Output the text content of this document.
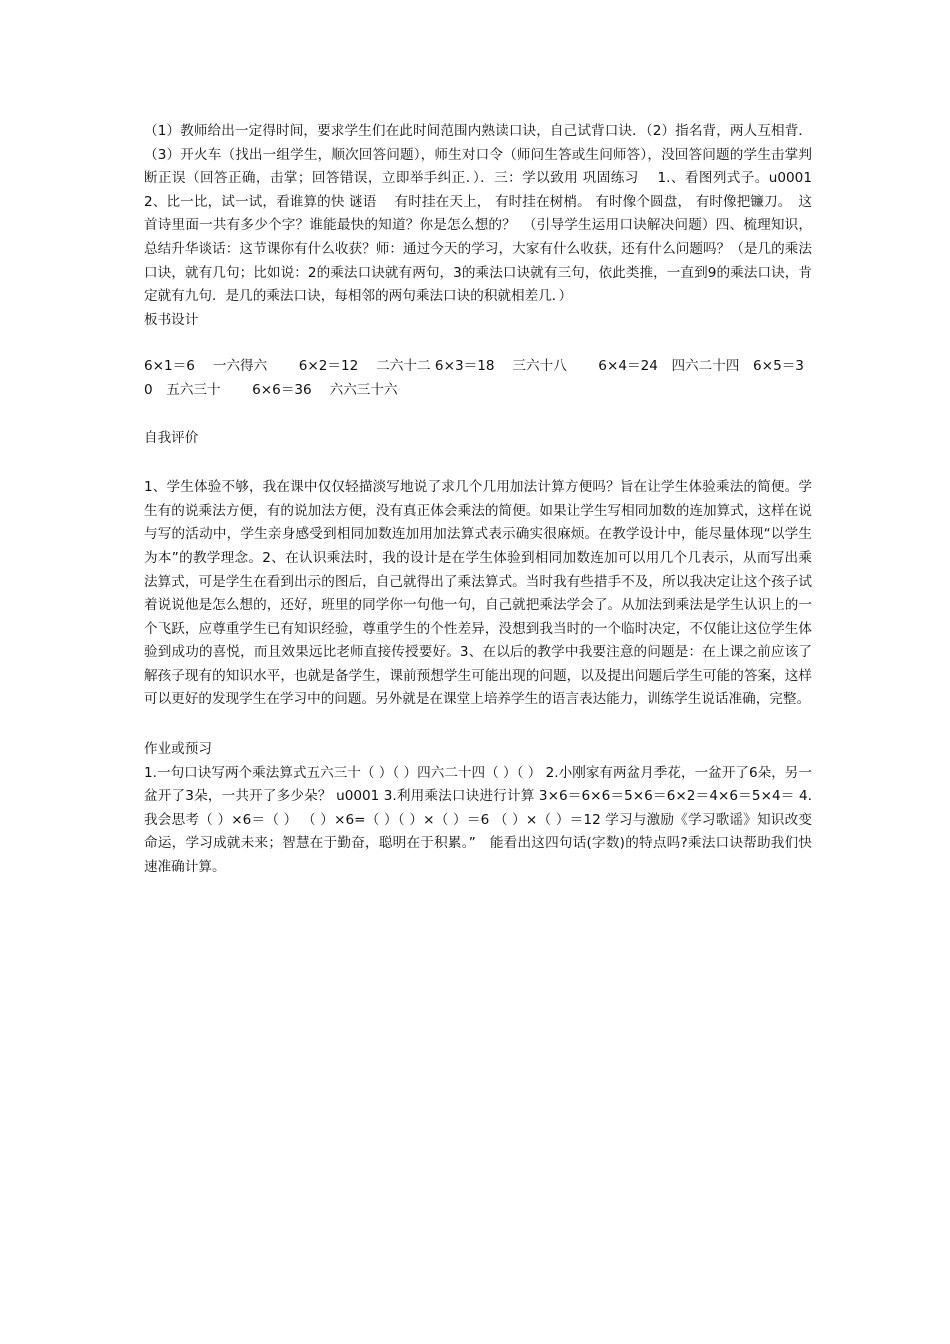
（1）教师给出一定得时间，要求学生们在此时间范围内熟读口诀，自己试背口诀．（2）指名背，两人互相背．（3）开火车（找出一组学生，顺次回答问题），师生对口令（师问生答或生问师答），没回答问题的学生击掌判断正误（回答正确，击掌；回答错误，立即举手纠正．）．三：学以致用 巩固练习　 1.、看图列式子。u0001 2、比一比，试一试，看谁算的快 谜语　 有时挂在天上， 有时挂在树梢。 有时像个圆盘， 有时像把镰刀。　这首诗里面一共有多少个字？谁能最快的知道？你是怎么想的？　（引导学生运用口诀解决问题）四、梳理知识，总结升华谈话：这节课你有什么收获？师：通过今天的学习，大家有什么收获，还有什么问题吗？（是几的乘法口诀，就有几句；比如说：2的乘法口诀就有两句，3的乘法口诀就有三句，依此类推，一直到9的乘法口诀，肯定就有九句．是几的乘法口诀，每相邻的两句乘法口诀的积就相差几．）

板书设计

6×1＝6　 一六得六　　 6×2＝12　 二六十二 6×3＝18　 三六十八　　 6×4＝24　四六二十四　6×5＝30　五六三十　　 6×6＝36　 六六三十六

自我评价

1、学生体验不够，我在课中仅仅轻描淡写地说了求几个几用加法计算方便吗？旨在让学生体验乘法的简便。学生有的说乘法方便，有的说加法方便，没有真正体会乘法的简便。如果让学生写相同加数的连加算式，这样在说与写的活动中，学生亲身感受到相同加数连加用加法算式表示确实很麻烦。在教学设计中，能尽量体现“以学生为本”的教学理念。2、在认识乘法时，我的设计是在学生体验到相同加数连加可以用几个几表示，从而写出乘法算式，可是学生在看到出示的图后，自己就得出了乘法算式。当时我有些措手不及，所以我决定让这个孩子试着说说他是怎么想的，还好，班里的同学你一句他一句，自己就把乘法学会了。从加法到乘法是学生认识上的一个飞跃，应尊重学生已有知识经验，尊重学生的个性差异，没想到我当时的一个临时决定，不仅能让这位学生体验到成功的喜悦，而且效果远比老师直接传授要好。3、在以后的教学中我要注意的问题是：在上课之前应该了解孩子现有的知识水平，也就是备学生，课前预想学生可能出现的问题，以及提出问题后学生可能的答案，这样可以更好的发现学生在学习中的问题。另外就是在课堂上培养学生的语言表达能力，训练学生说话准确，完整。

作业或预习

1.一句口诀写两个乘法算式五六三十（ ）（ ）四六二十四（ ）（ ） 2.小刚家有两盆月季花，一盆开了6朵，另一盆开了3朵，一共开了多少朵？ u0001 3.利用乘法口诀进行计算 3×6＝6×6＝5×6＝6×2＝4×6＝5×4＝ 4.我会思考（ ）×6＝（ ） （ ）×6=（ ）（ ）×（ ）＝6 （ ）×（ ）＝12 学习与激励《学习歌谣》知识改变命运，学习成就未来；智慧在于勤奋，聪明在于积累。”　能看出这四句话(字数)的特点吗?乘法口诀帮助我们快速准确计算。
